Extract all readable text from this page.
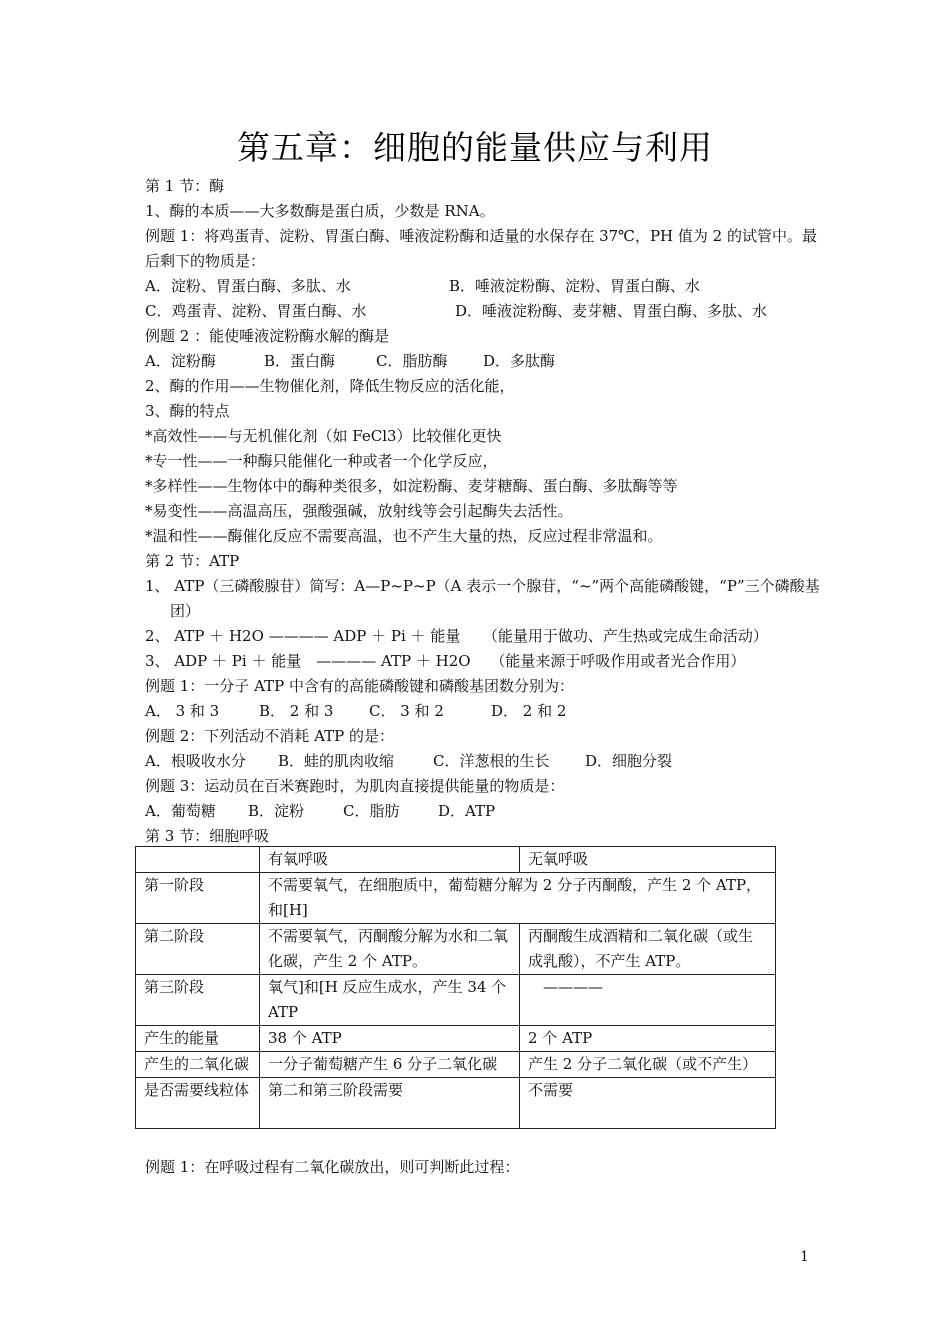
第五章：细胞的能量供应与利用
第 1 节：酶
1、酶的本质——大多数酶是蛋白质，少数是 RNA。
例题 1：将鸡蛋青、淀粉、胃蛋白酶、唾液淀粉酶和适量的水保存在 37℃，PH 值为 2 的试管中。最后剩下的物质是：
A．淀粉、胃蛋白酶、多肽、水	B．唾液淀粉酶、淀粉、胃蛋白酶、水
C．鸡蛋青、淀粉、胃蛋白酶、水	D．唾液淀粉酶、麦芽糖、胃蛋白酶、多肽、水
例题 2 ：能使唾液淀粉酶水解的酶是
A．淀粉酶	B．蛋白酶	C．脂肪酶 D．多肽酶
2、酶的作用——生物催化剂，降低生物反应的活化能，
3、酶的特点
*高效性——与无机催化剂（如 FeCl3）比较催化更快
*专一性——一种酶只能催化一种或者一个化学反应，
*多样性——生物体中的酶种类很多，如淀粉酶、麦芽糖酶、蛋白酶、多肽酶等等
*易变性——高温高压，强酸强碱，放射线等会引起酶失去活性。
*温和性——酶催化反应不需要高温，也不产生大量的热，反应过程非常温和。
第 2 节：ATP
1、 ATP（三磷酸腺苷）简写：A—P~P~P（A 表示一个腺苷，“~”两个高能磷酸键，“P”三个磷酸基团）
2、 ATP ＋ H2O ———— ADP ＋ Pi ＋ 能量　　（能量用于做功、产生热或完成生命活动）
3、 ADP ＋ Pi ＋ 能量　———— ATP ＋ H2O　 （能量来源于呼吸作用或者光合作用）
例题 1：一分子 ATP 中含有的高能磷酸键和磷酸基团数分别为：
A． 3 和 3	B． 2 和 3 C． 3 和 2	D． 2 和 2
例题 2：下列活动不消耗 ATP 的是：
A．根吸收水分 B．蛙的肌肉收缩	C．洋葱根的生长 D．细胞分裂
例题 3：运动员在百米赛跑时，为肌肉直接提供能量的物质是：
A．葡萄糖 B．淀粉	C．脂肪	D．ATP
第 3 节：细胞呼吸
	有氧呼吸	无氧呼吸
第一阶段	不需要氧气，在细胞质中，葡萄糖分解为 2 分子丙酮酸，产生 2 个 ATP，和[H]	
第二阶段	不需要氧气，丙酮酸分解为水和二氧化碳，产生 2 个 ATP。	丙酮酸生成酒精和二氧化碳（或生成乳酸），不产生 ATP。
第三阶段	氧气]和[H 反应生成水，产生 34 个 ATP	　————
产生的能量	38 个 ATP	2 个 ATP
产生的二氧化碳	一分子葡萄糖产生 6 分子二氧化碳	产生 2 分子二氧化碳（或不产生）
是否需要线粒体	第二和第三阶段需要	不需要
例题 1：在呼吸过程有二氧化碳放出，则可判断此过程：
1
